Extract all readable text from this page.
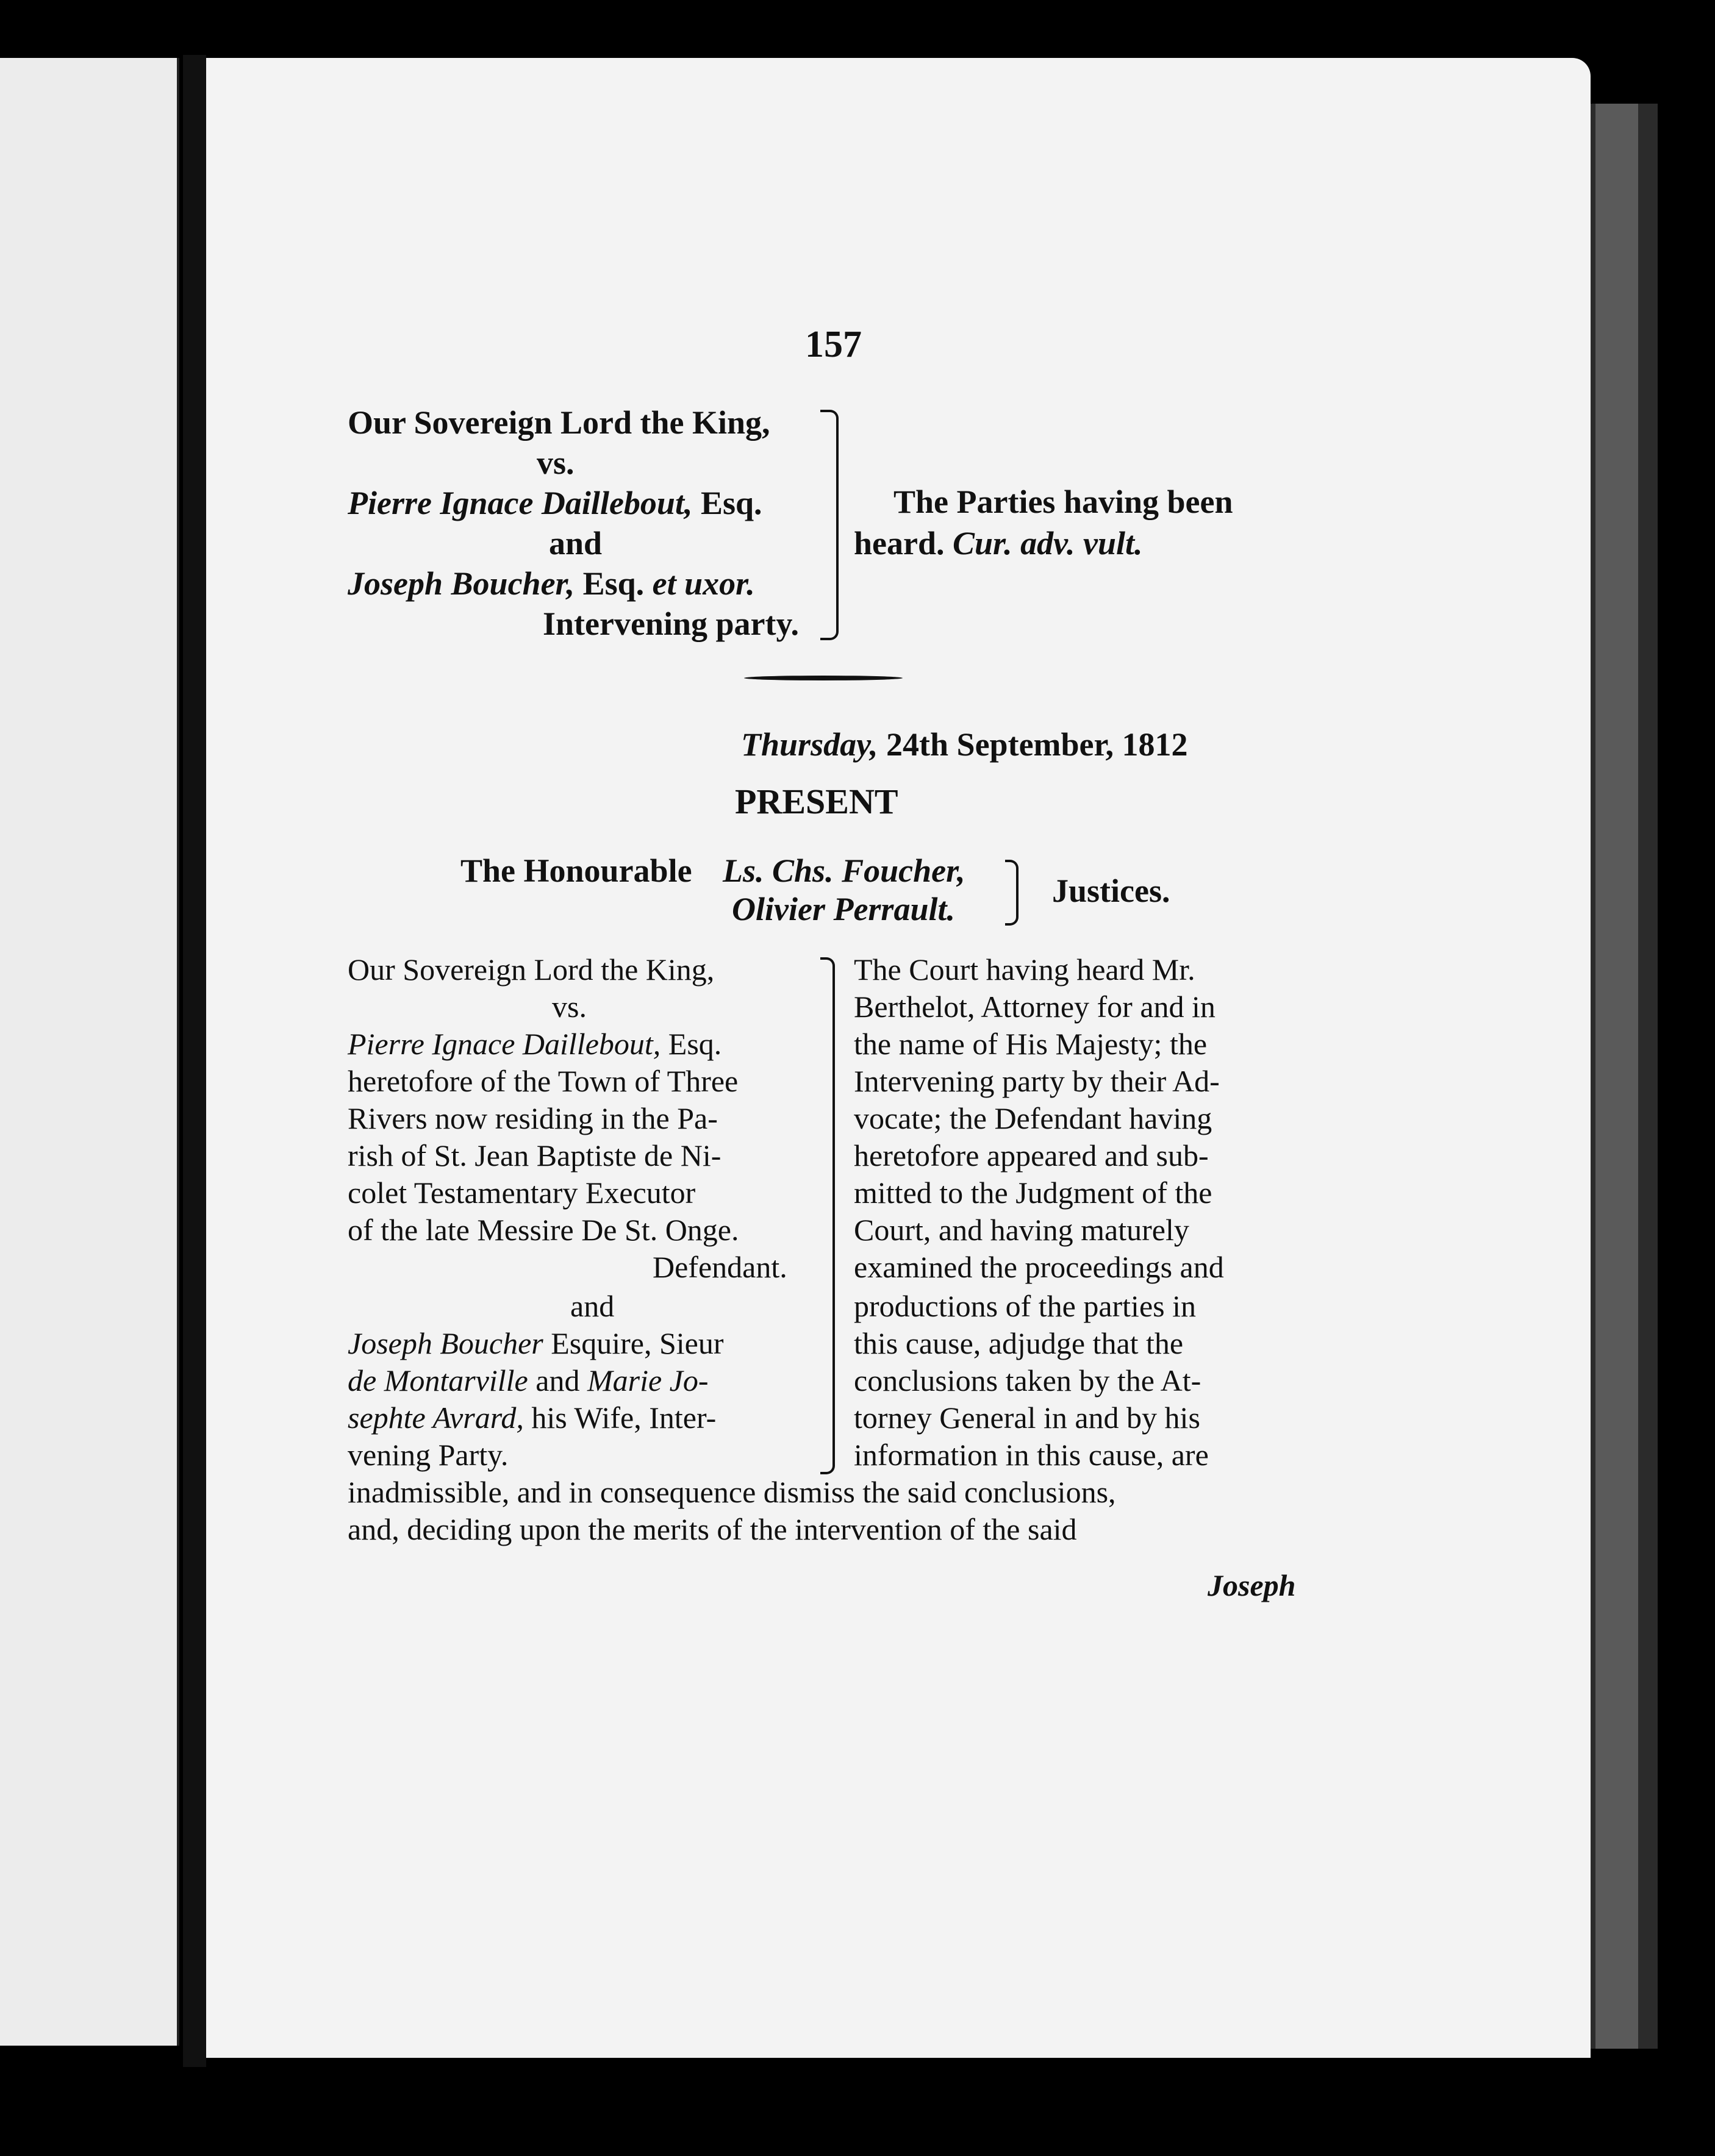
157
Our Sovereign Lord the King,
vs.
Pierre Ignace Daillebout, Esq.
and
Joseph Boucher, Esq. et uxor.
Intervening party.
The Parties having been
heard. Cur. adv. vult.
Thursday, 24th September, 1812
PRESENT
The Honourable Ls. Chs. Foucher,
Olivier Perrault.	Justices.
Our Sovereign Lord the King,
vs.
Pierre Ignace Daillebout, Esq.
heretofore of the Town of Three
Rivers now residing in the Pa-
rish of St. Jean Baptiste de Ni-
colet Testamentary Executor
of the late Messire De St. Onge.
Defendant.
and
Joseph Boucher Esquire, Sieur
de Montarville and Marie Jo-
sephte Avrard, his Wife, Inter-
vening Party.
The Court having heard Mr.
Berthelot, Attorney for and in
the name of His Majesty; the
Intervening party by their Ad-
vocate; the Defendant having
heretofore appeared and sub-
mitted to the Judgment of the
Court, and having maturely
examined the proceedings and
productions of the parties in
this cause, adjudge that the
conclusions taken by the At-
torney General in and by his
information in this cause, are
inadmissible, and in consequence dismiss the said conclusions,
and, deciding upon the merits of the intervention of the said
Joseph
